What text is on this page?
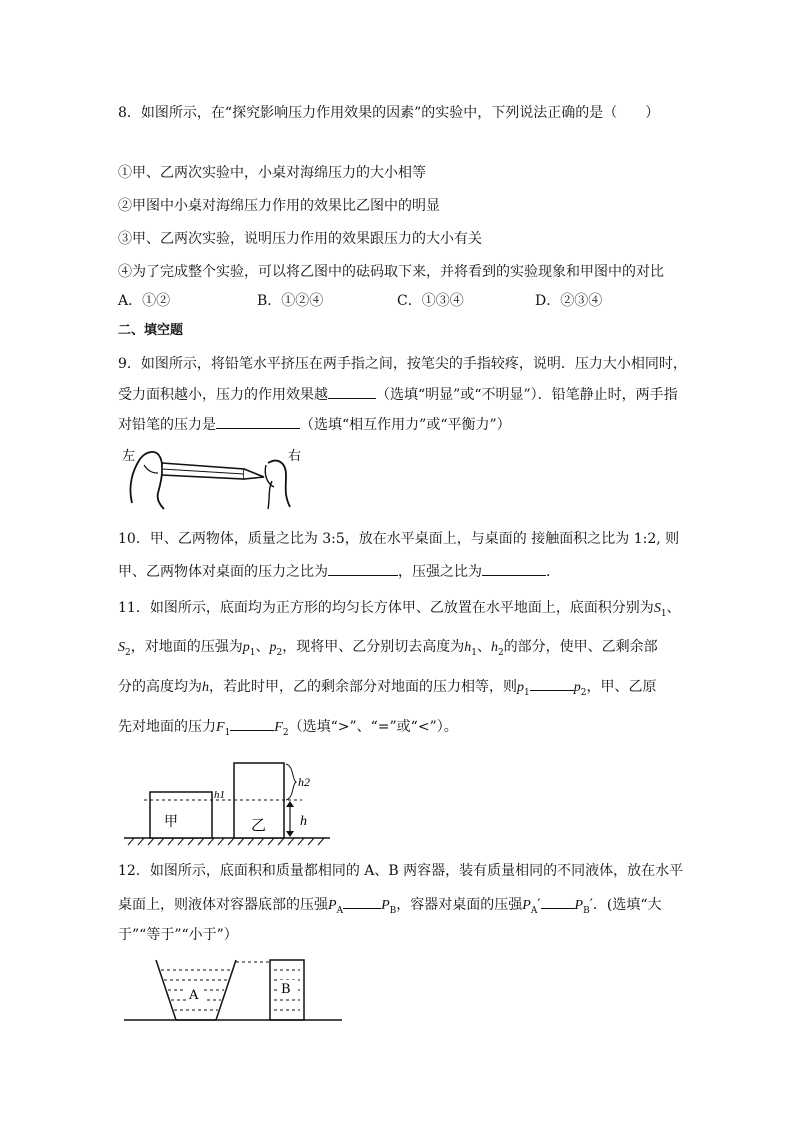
8．如图所示，在“探究影响压力作用效果的因素”的实验中，下列说法正确的是（　　）
①甲、乙两次实验中，小桌对海绵压力的大小相等
②甲图中小桌对海绵压力作用的效果比乙图中的明显
③甲、乙两次实验，说明压力作用的效果跟压力的大小有关
④为了完成整个实验，可以将乙图中的砝码取下来，并将看到的实验现象和甲图中的对比
A．①②	B．①②④	C．①③④	D．②③④
二、填空题
9．如图所示，将铅笔水平挤压在两手指之间，按笔尖的手指较疼，说明．压力大小相同时，
受力面积越小，压力的作用效果越	（选填“明显”或“不明显”）．铅笔静止时，两手指
对铅笔的压力是	（选填“相互作用力”或“平衡力”）
左	右
10．甲、乙两物体，质量之比为 3:5，放在水平桌面上，与桌面的 接触面积之比为 1:2, 则
甲、乙两物体对桌面的压力之比为	，压强之比为	．
11．如图所示，底面均为正方形的均匀长方体甲、乙放置在水平地面上，底面积分别为$S_1$、
$S_2$，对地面的压强为$p_1$、$p_2$，现将甲、乙分别切去高度为$h_1$、$h_2$的部分，使甲、乙剩余部
分的高度均为h，若此时甲，乙的剩余部分对地面的压力相等，则$p_1$	$p_2$，甲、乙原
先对地面的压力$F_1$	$F_2$（选填“>”、“=”或“<”）。
甲	乙
h1
h2
h
12．如图所示，底面积和质量都相同的 A、B 两容器，装有质量相同的不同液体，放在水平
桌面上，则液体对容器底部的压强$P_A$	$P_B$，容器对桌面的压强$P_A'$ $P_B'$．(选填“大
于”“等于”“小于”）
A	B
